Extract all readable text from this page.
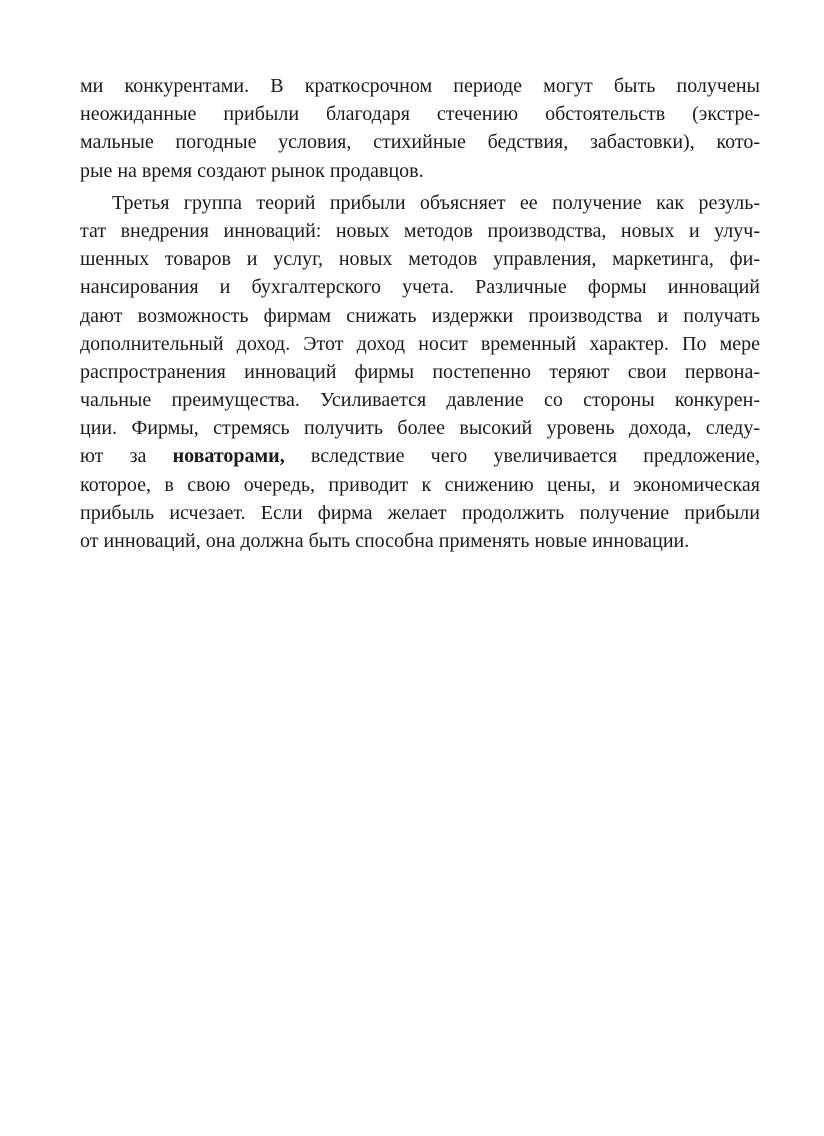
ми конкурентами. В краткосрочном периоде могут быть получены
неожиданные прибыли благодаря стечению обстоятельств (экстре-
мальные погодные условия, стихийные бедствия, забастовки), кото-
рые на время создают рынок продавцов.
Третья группа теорий прибыли объясняет ее получение как резуль-
тат внедрения инноваций: новых методов производства, новых и улуч-
шенных товаров и услуг, новых методов управления, маркетинга, фи-
нансирования и бухгалтерского учета. Различные формы инноваций
дают возможность фирмам снижать издержки производства и получать
дополнительный доход. Этот доход носит временный характер. По мере
распространения инноваций фирмы постепенно теряют свои первона-
чальные преимущества. Усиливается давление со стороны конкурен-
ции. Фирмы, стремясь получить более высокий уровень дохода, следу-
ют за новаторами, вследствие чего увеличивается предложение,
которое, в свою очередь, приводит к снижению цены, и экономическая
прибыль исчезает. Если фирма желает продолжить получение прибыли
от инноваций, она должна быть способна применять новые инновации.
